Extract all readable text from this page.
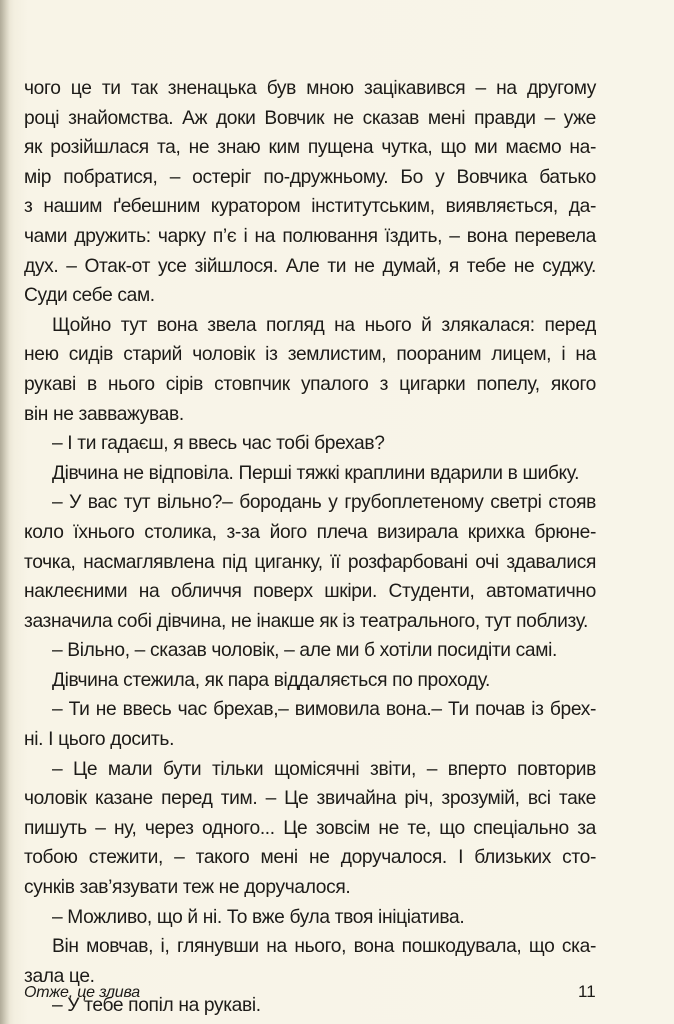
чого це ти так зненацька був мною зацікавився – на другому
році знайомства. Аж доки Вовчик не сказав мені правди – уже
як розійшлася та, не знаю ким пущена чутка, що ми маємо на-
мір побратися, – остеріг по-дружньому. Бо у Вовчика батько
з нашим ґебешним куратором інститутським, виявляється, да-
чами дружить: чарку п’є і на полювання їздить, – вона перевела
дух. – Отак-от усе зійшлося. Але ти не думай, я тебе не суджу.
Суди себе сам.
Щойно тут вона звела погляд на нього й злякалася: перед
нею сидів старий чоловік із землистим, пooраним лицем, і на
рукаві в нього сірів стовпчик упалого з цигарки попелу, якого
він не завважував.
– І ти гадаєш, я ввесь час тобі брехав?
Дівчина не відповіла. Перші тяжкі краплини вдарили в шибку.
– У вас тут вільно?– бородань у грубоплетеному светрі стояв
коло їхнього столика, з-за його плеча визирала крихка брюне-
точка, насмаглявлена під циганку, її розфарбовані очі здавалися
наклеєними на обличчя поверх шкіри. Студенти, автоматично
зазначила собі дівчина, не інакше як із театрального, тут поблизу.
– Вільно, – сказав чоловік, – але ми б хотіли посидіти самі.
Дівчина стежила, як пара віддаляється по проходу.
– Ти не ввесь час брехав,– вимовила вона.– Ти почав із брех-
ні. І цього досить.
– Це мали бути тільки щомісячні звіти, – вперто повторив
чоловік казане перед тим. – Це звичайна річ, зрозумій, всі таке
пишуть – ну, через одного... Це зовсім не те, що спеціально за
тобою стежити, – такого мені не доручалося. І близьких сто-
сунків зав’язувати теж не доручалося.
– Можливо, що й ні. То вже була твоя ініціатива.
Він мовчав, і, глянувши на нього, вона пошкодувала, що ска-
зала це.
– У тебе попіл на рукаві.
Отже, це злива	11
